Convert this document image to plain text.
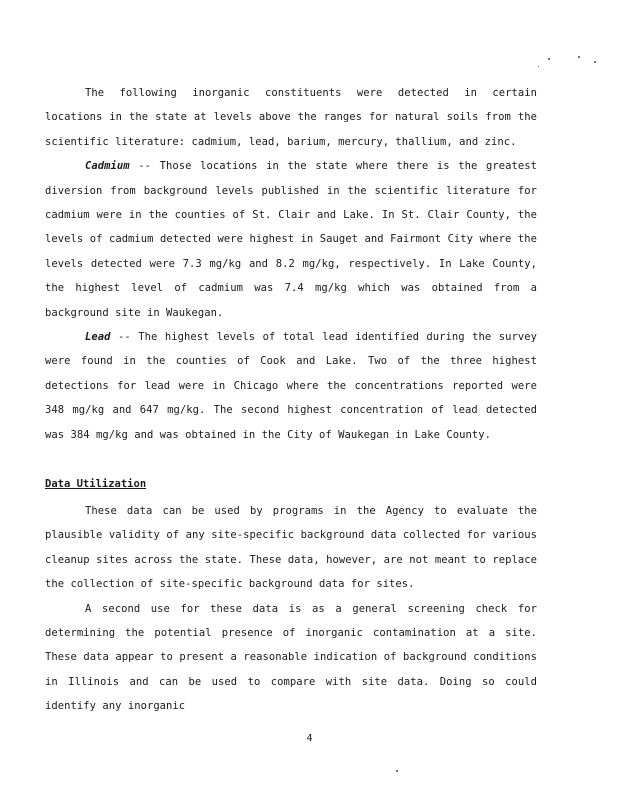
The following inorganic constituents were detected in certain locations in the state at levels above the ranges for natural soils from the scientific literature: cadmium, lead, barium, mercury, thallium, and zinc.

Cadmium -- Those locations in the state where there is the greatest diversion from background levels published in the scientific literature for cadmium were in the counties of St. Clair and Lake. In St. Clair County, the levels of cadmium detected were highest in Sauget and Fairmont City where the levels detected were 7.3 mg/kg and 8.2 mg/kg, respectively. In Lake County, the highest level of cadmium was 7.4 mg/kg which was obtained from a background site in Waukegan.

Lead -- The highest levels of total lead identified during the survey were found in the counties of Cook and Lake. Two of the three highest detections for lead were in Chicago where the concentrations reported were 348 mg/kg and 647 mg/kg. The second highest concentration of lead detected was 384 mg/kg and was obtained in the City of Waukegan in Lake County.

Data Utilization

These data can be used by programs in the Agency to evaluate the plausible validity of any site-specific background data collected for various cleanup sites across the state. These data, however, are not meant to replace the collection of site-specific background data for sites.

A second use for these data is as a general screening check for determining the potential presence of inorganic contamination at a site. These data appear to present a reasonable indication of background conditions in Illinois and can be used to compare with site data. Doing so could identify any inorganic

4
